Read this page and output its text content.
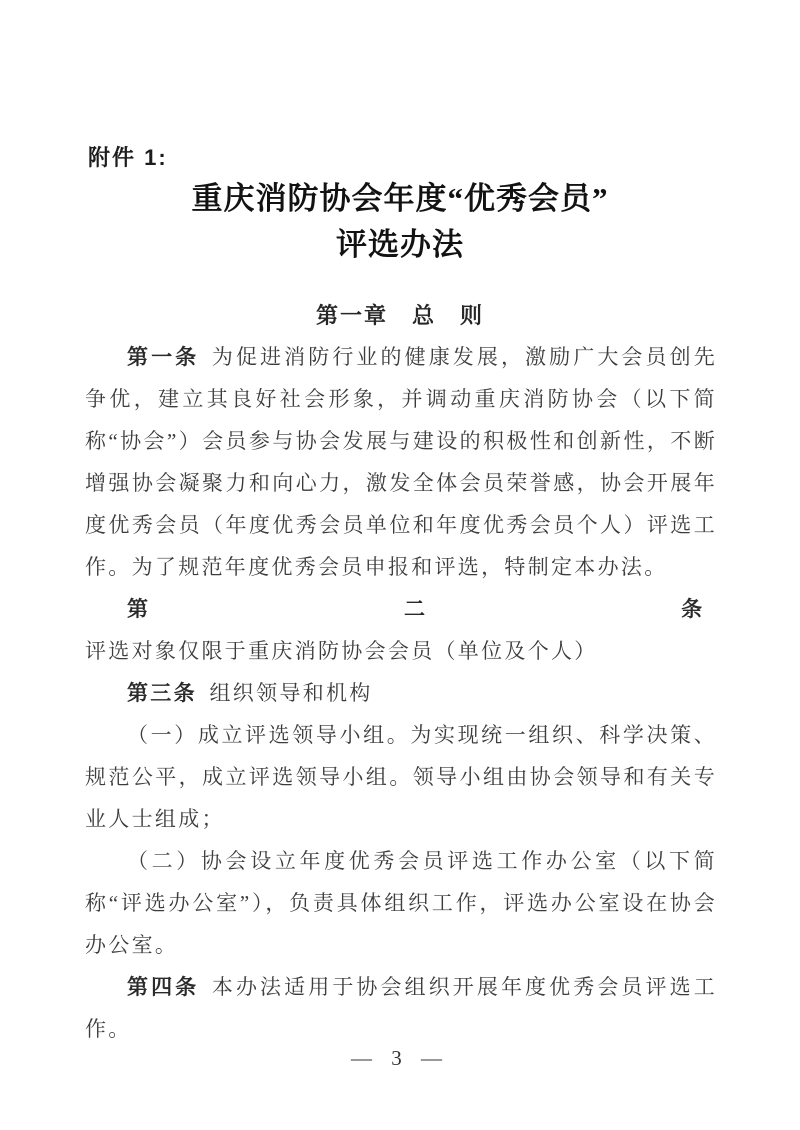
附件 1:
重庆消防协会年度“优秀会员”
评选办法
第一章　总　则

第一条 为促进消防行业的健康发展，激励广大会员创先争优，建立其良好社会形象，并调动重庆消防协会（以下简称“协会”）会员参与协会发展与建设的积极性和创新性，不断增强协会凝聚力和向心力，激发全体会员荣誉感，协会开展年度优秀会员（年度优秀会员单位和年度优秀会员个人）评选工作。为了规范年度优秀会员申报和评选，特制定本办法。

第二条评选对象仅限于重庆消防协会会员（单位及个人）

第三条 组织领导和机构

（一）成立评选领导小组。为实现统一组织、科学决策、规范公平，成立评选领导小组。领导小组由协会领导和有关专业人士组成；

（二）协会设立年度优秀会员评选工作办公室（以下简称“评选办公室”），负责具体组织工作，评选办公室设在协会办公室。

第四条 本办法适用于协会组织开展年度优秀会员评选工作。

— 3 —
